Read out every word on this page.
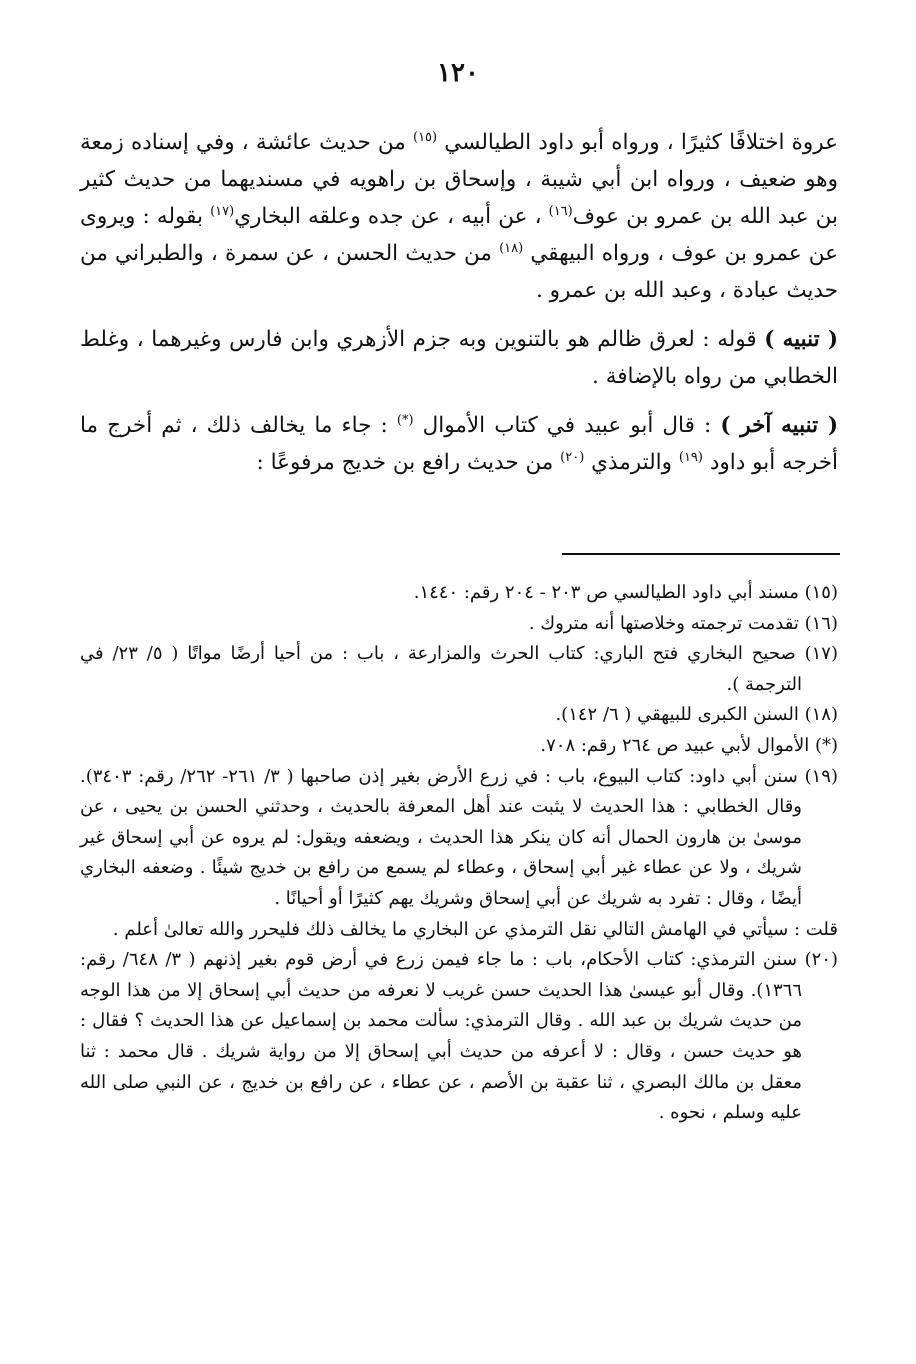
١٢٠

عروة اختلافًا كثيرًا ، ورواه أبو داود الطيالسي $^{(١٥)}$ من حديث عائشة ، وفي إسناده زمعة وهو ضعيف ، ورواه ابن أبي شيبة ، وإسحاق بن راهويه في مسنديهما من حديث كثير بن عبد الله بن عمرو بن عوف$^{(١٦)}$ ، عن أبيه ، عن جده وعلقه البخاري$^{(١٧)}$ بقوله : ويروى عن عمرو بن عوف ، ورواه البيهقي $^{(١٨)}$ من حديث الحسن ، عن سمرة ، والطبراني من حديث عبادة ، وعبد الله بن عمرو .

( تنبيه ) قوله : لعرق ظالم هو بالتنوين وبه جزم الأزهري وابن فارس وغيرهما ، وغلط الخطابي من رواه بالإضافة .

( تنبيه آخر ) : قال أبو عبيد في كتاب الأموال (*) : جاء ما يخالف ذلك ، ثم أخرج ما أخرجه أبو داود $^{(١٩)}$ والترمذي $^{(٢٠)}$ من حديث رافع بن خديج مرفوعًا :

(١٥) مسند أبي داود الطيالسي ص ٢٠٣ - ٢٠٤ رقم: ١٤٤٠.
(١٦) تقدمت ترجمته وخلاصتها أنه متروك .
(١٧) صحيح البخاري فتح الباري: كتاب الحرث والمزارعة ، باب : من أحيا أرضًا مواتًا ( ٥/ ٢٣/ في الترجمة ).
(١٨) السنن الكبرى للبيهقي ( ٦/ ١٤٢).
(*) الأموال لأبي عبيد ص ٢٦٤ رقم: ٧٠٨.
(١٩) سنن أبي داود: كتاب البيوع، باب : في زرع الأرض بغير إذن صاحبها ( ٣/ ٢٦١- ٢٦٢/ رقم: ٣٤٠٣). وقال الخطابي : هذا الحديث لا يثبت عند أهل المعرفة بالحديث ، وحدثني الحسن بن يحيى ، عن موسىٰ بن هارون الحمال أنه كان ينكر هذا الحديث ، ويضعفه ويقول: لم يروه عن أبي إسحاق غير شريك ، ولا عن عطاء غير أبي إسحاق ، وعطاء لم يسمع من رافع بن خديج شيئًا . وضعفه البخاري أيضًا ، وقال : تفرد به شريك عن أبي إسحاق وشريك يهم كثيرًا أو أحيانًا .
قلت : سيأتي في الهامش التالي نقل الترمذي عن البخاري ما يخالف ذلك فليحرر والله تعالىٰ أعلم .
(٢٠) سنن الترمذي: كتاب الأحكام، باب : ما جاء فيمن زرع في أرض قوم بغير إذنهم ( ٣/ ٦٤٨/ رقم: ١٣٦٦). وقال أبو عيسىٰ هذا الحديث حسن غريب لا نعرفه من حديث أبي إسحاق إلا من هذا الوجه من حديث شريك بن عبد الله . وقال الترمذي: سألت محمد بن إسماعيل عن هذا الحديث ؟ فقال : هو حديث حسن ، وقال : لا أعرفه من حديث أبي إسحاق إلا من رواية شريك . قال محمد : ثنا معقل بن مالك البصري ، ثنا عقبة بن الأصم ، عن عطاء ، عن رافع بن خديج ، عن النبي صلى الله عليه وسلم ، نحوه .
